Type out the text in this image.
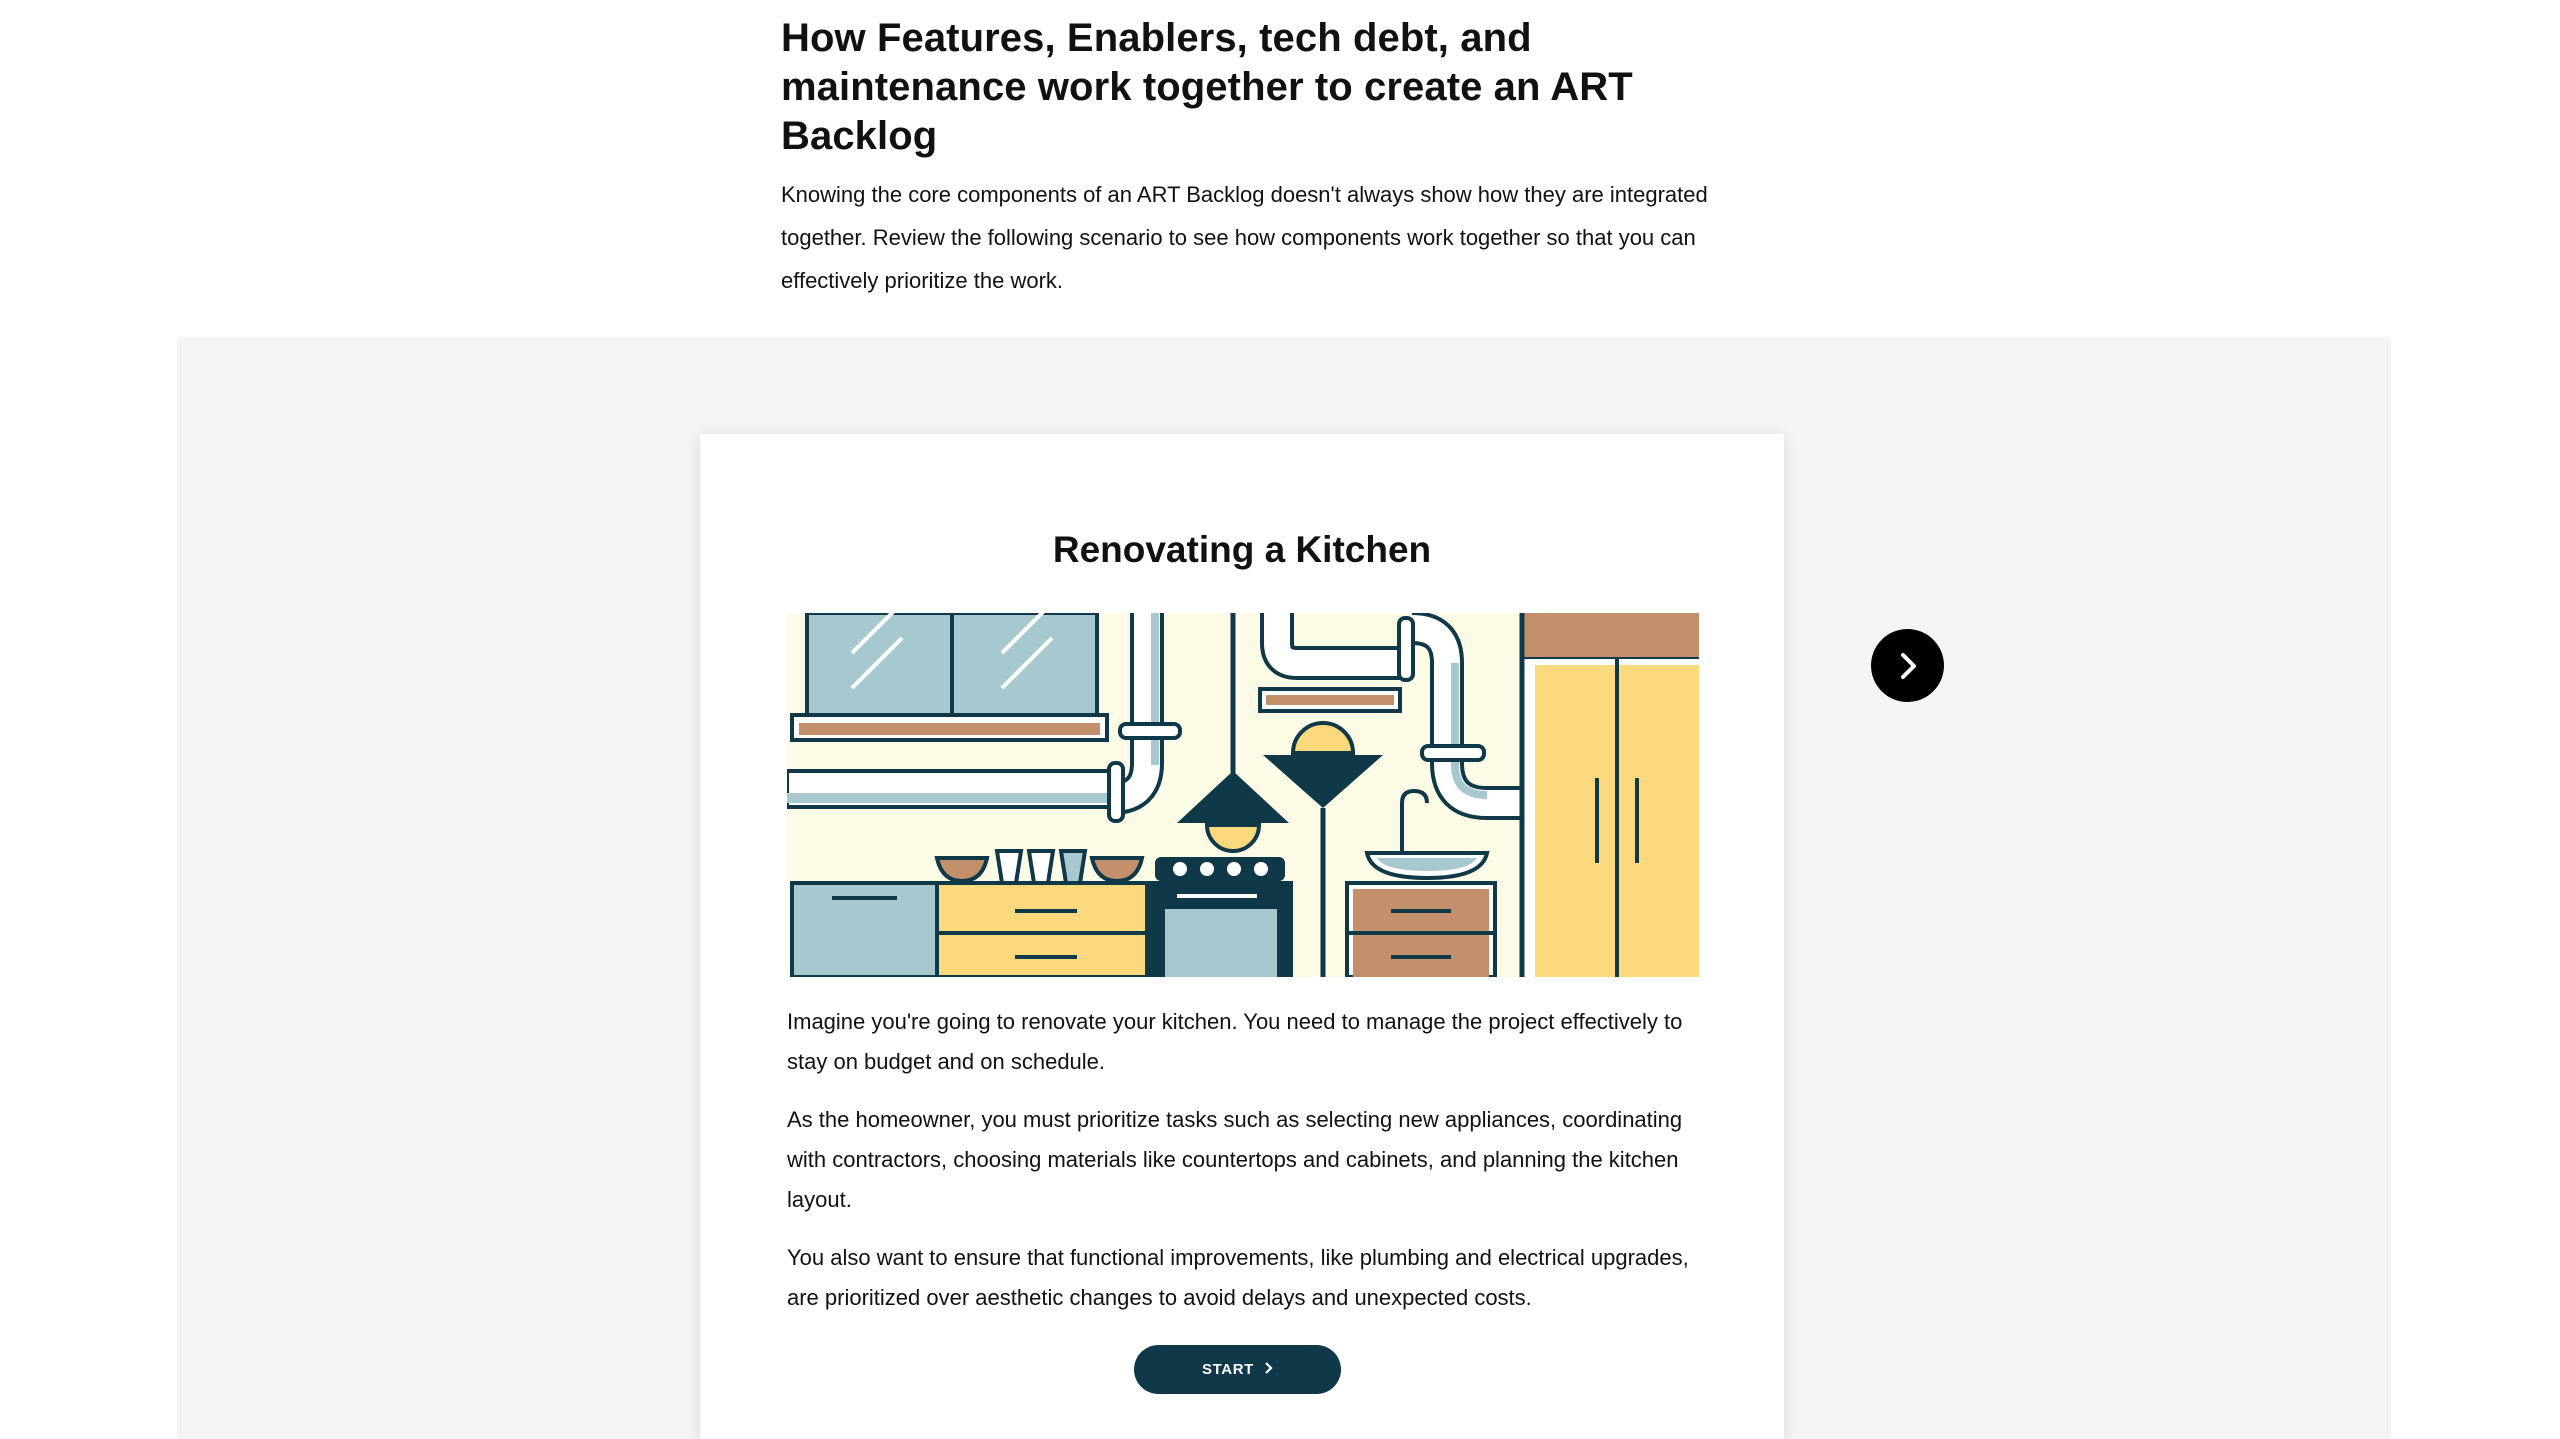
How Features, Enablers, tech debt, and maintenance work together to create an ART Backlog

Knowing the core components of an ART Backlog doesn't always show how they are integrated together. Review the following scenario to see how components work together so that you can effectively prioritize the work.

Renovating a Kitchen

Imagine you're going to renovate your kitchen. You need to manage the project effectively to stay on budget and on schedule.

As the homeowner, you must prioritize tasks such as selecting new appliances, coordinating with contractors, choosing materials like countertops and cabinets, and planning the kitchen layout.

You also want to ensure that functional improvements, like plumbing and electrical upgrades, are prioritized over aesthetic changes to avoid delays and unexpected costs.

START
